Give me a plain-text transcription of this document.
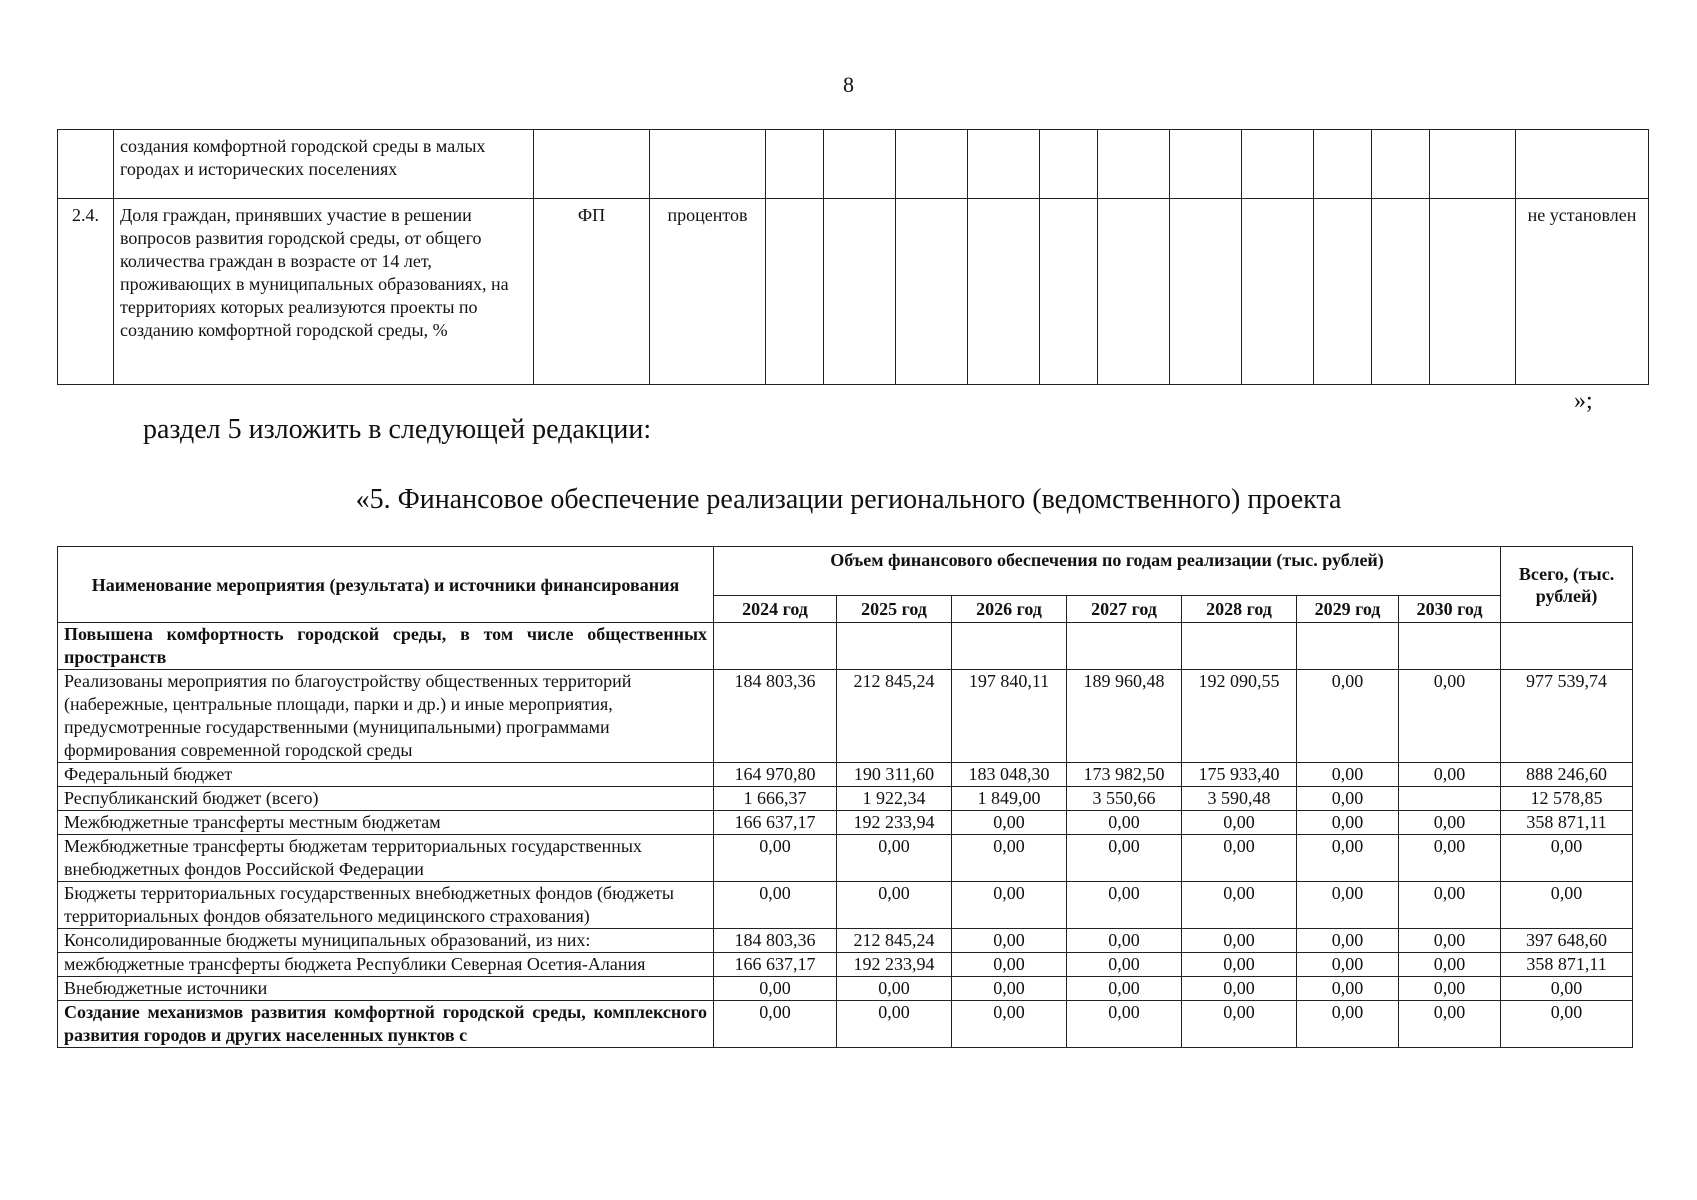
8
	создания комфортной городской среды в малых городах и исторических поселениях														
2.4.	Доля граждан, принявших участие в решении вопросов развития городской среды, от общего количества граждан в возрасте от 14 лет, проживающих в муниципальных образованиях, на территориях которых реализуются проекты по созданию комфортной городской среды, %	ФП	процентов												не установлен
»;
раздел 5 изложить в следующей редакции:
«5. Финансовое обеспечение реализации регионального (ведомственного) проекта
Наименование мероприятия (результата) и источники финансирования	Объем финансового обеспечения по годам реализации (тыс. рублей)							Всего, (тыс. рублей)
	2024 год	2025 год	2026 год	2027 год	2028 год	2029 год	2030 год	
Повышена комфортность городской среды, в том числе общественных пространств								
Реализованы мероприятия по благоустройству общественных территорий (набережные, центральные площади, парки и др.) и иные мероприятия, предусмотренные государственными (муниципальными) программами формирования современной городской среды	184 803,36	212 845,24	197 840,11	189 960,48	192 090,55	0,00	0,00	977 539,74
Федеральный бюджет	164 970,80	190 311,60	183 048,30	173 982,50	175 933,40	0,00	0,00	888 246,60
Республиканский бюджет (всего)	1 666,37	1 922,34	1 849,00	3 550,66	3 590,48	0,00		12 578,85
Межбюджетные трансферты местным бюджетам	166 637,17	192 233,94	0,00	0,00	0,00	0,00	0,00	358 871,11
Межбюджетные трансферты бюджетам территориальных государственных внебюджетных фондов Российской Федерации	0,00	0,00	0,00	0,00	0,00	0,00	0,00	0,00
Бюджеты территориальных государственных внебюджетных фондов (бюджеты территориальных фондов обязательного медицинского страхования)	0,00	0,00	0,00	0,00	0,00	0,00	0,00	0,00
Консолидированные бюджеты муниципальных образований, из них:	184 803,36	212 845,24	0,00	0,00	0,00	0,00	0,00	397 648,60
межбюджетные трансферты бюджета Республики Северная Осетия-Алания	166 637,17	192 233,94	0,00	0,00	0,00	0,00	0,00	358 871,11
Внебюджетные источники	0,00	0,00	0,00	0,00	0,00	0,00	0,00	0,00
Создание механизмов развития комфортной городской среды, комплексного развития городов и других населенных пунктов с	0,00	0,00	0,00	0,00	0,00	0,00	0,00	0,00
